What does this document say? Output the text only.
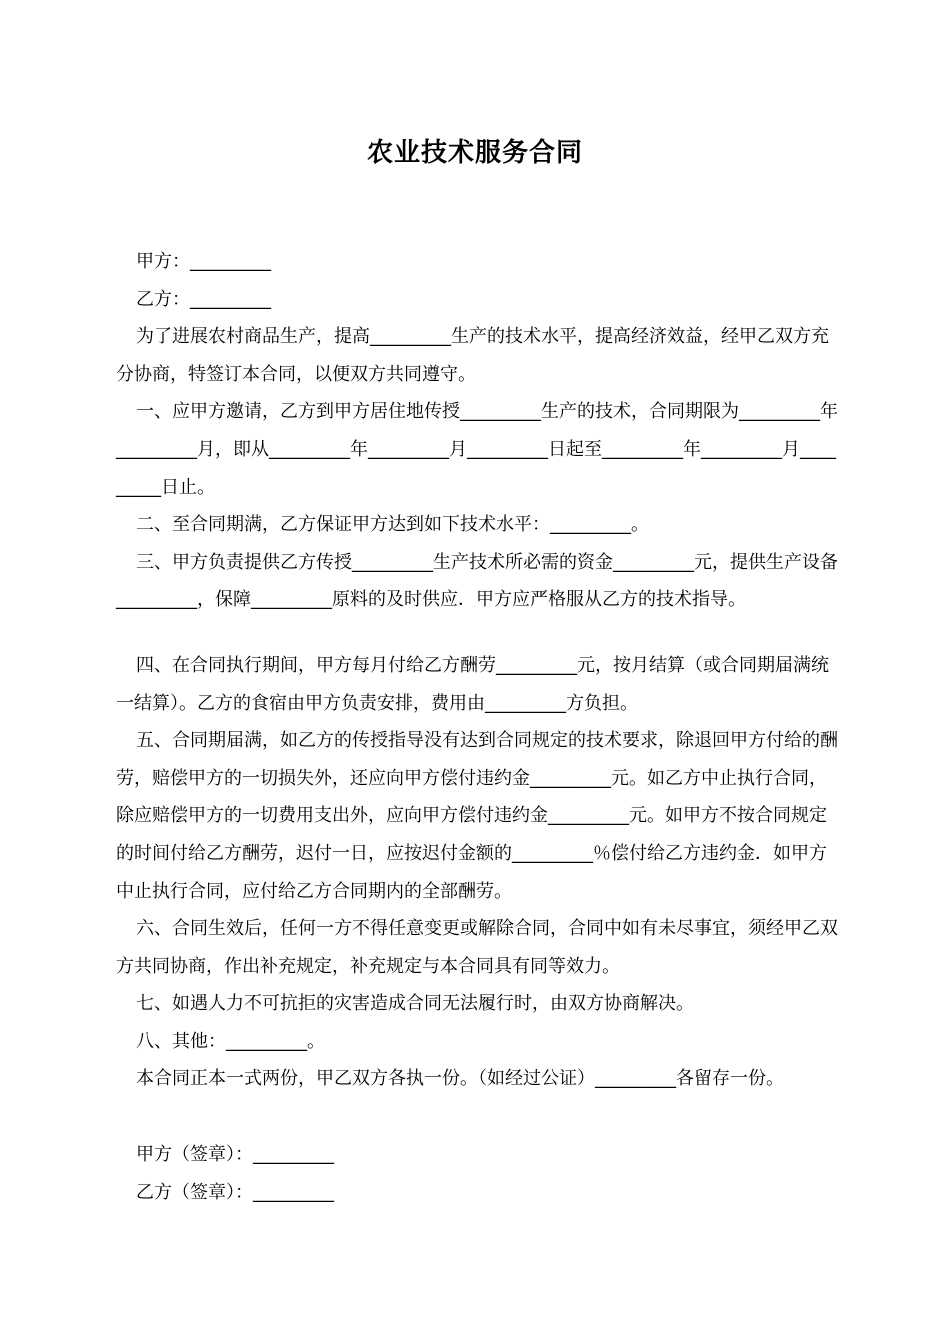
农业技术服务合同

甲方：_________

乙方：_________

为了进展农村商品生产，提高_________生产的技术水平，提高经济效益，经甲乙双方充分协商，特签订本合同，以便双方共同遵守。

一、应甲方邀请，乙方到甲方居住地传授_________生产的技术，合同期限为_________年_________月，即从_________年_________月_________日起至_________年_________月_________日止。

二、至合同期满，乙方保证甲方达到如下技术水平：_________。

三、甲方负责提供乙方传授_________生产技术所必需的资金_________元，提供生产设备_________，保障_________原料的及时供应．甲方应严格服从乙方的技术指导。

四、在合同执行期间，甲方每月付给乙方酬劳_________元，按月结算（或合同期届满统一结算）。乙方的食宿由甲方负责安排，费用由_________方负担。

五、合同期届满，如乙方的传授指导没有达到合同规定的技术要求，除退回甲方付给的酬劳，赔偿甲方的一切损失外，还应向甲方偿付违约金_________元。如乙方中止执行合同，除应赔偿甲方的一切费用支出外，应向甲方偿付违约金_________元。如甲方不按合同规定的时间付给乙方酬劳，迟付一日，应按迟付金额的_________％偿付给乙方违约金．如甲方中止执行合同，应付给乙方合同期内的全部酬劳。

六、合同生效后，任何一方不得任意变更或解除合同，合同中如有未尽事宜，须经甲乙双方共同协商，作出补充规定，补充规定与本合同具有同等效力。

七、如遇人力不可抗拒的灾害造成合同无法履行时，由双方协商解决。

八、其他：_________。

本合同正本一式两份，甲乙双方各执一份。（如经过公证）_________各留存一份。

甲方（签章）：_________

乙方（签章）：_________
